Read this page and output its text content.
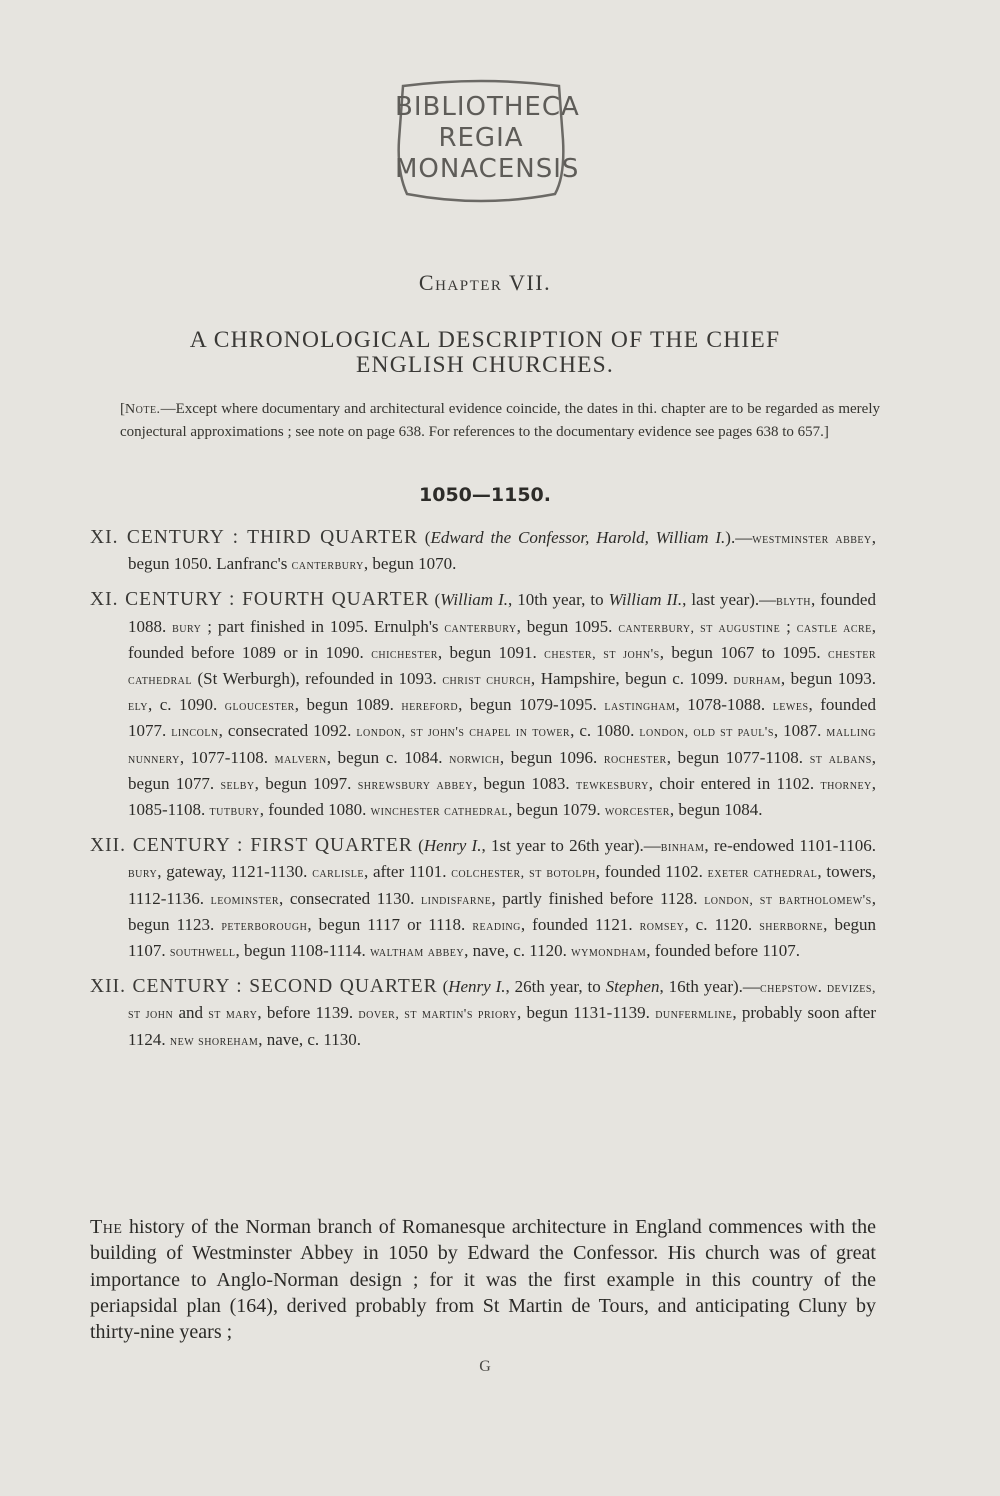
BIBLIOTHECA
REGIA
MONACENSIS
Chapter VII.
A CHRONOLOGICAL DESCRIPTION OF THE CHIEF
ENGLISH CHURCHES.
[Note.—Except where documentary and architectural evidence coincide, the dates in thi. chapter are to be regarded as merely conjectural approximations ; see note on page 638. For references to the documentary evidence see pages 638 to 657.]
1050—1150.
XI. CENTURY : THIRD QUARTER (Edward the Confessor, Harold, William I.).—westminster abbey, begun 1050. Lanfranc's canterbury, begun 1070.
XI. CENTURY : FOURTH QUARTER (William I., 10th year, to William II., last year).—blyth, founded 1088. bury ; part finished in 1095. Ernulph's canterbury, begun 1095. canterbury, st augustine ; castle acre, founded before 1089 or in 1090. chichester, begun 1091. chester, st john's, begun 1067 to 1095. chester cathedral (St Werburgh), refounded in 1093. christ church, Hampshire, begun c. 1099. durham, begun 1093. ely, c. 1090. gloucester, begun 1089. hereford, begun 1079-1095. lastingham, 1078-1088. lewes, founded 1077. lincoln, consecrated 1092. london, st john's chapel in tower, c. 1080. london, old st paul's, 1087. malling nunnery, 1077-1108. malvern, begun c. 1084. norwich, begun 1096. rochester, begun 1077-1108. st albans, begun 1077. selby, begun 1097. shrewsbury abbey, begun 1083. tewkesbury, choir entered in 1102. thorney, 1085-1108. tutbury, founded 1080. winchester cathedral, begun 1079. worcester, begun 1084.
XII. CENTURY : FIRST QUARTER (Henry I., 1st year to 26th year).—binham, re-endowed 1101-1106. bury, gateway, 1121-1130. carlisle, after 1101. colchester, st botolph, founded 1102. exeter cathedral, towers, 1112-1136. leominster, consecrated 1130. lindisfarne, partly finished before 1128. london, st bartholomew's, begun 1123. peterborough, begun 1117 or 1118. reading, founded 1121. romsey, c. 1120. sherborne, begun 1107. southwell, begun 1108-1114. waltham abbey, nave, c. 1120. wymondham, founded before 1107.
XII. CENTURY : SECOND QUARTER (Henry I., 26th year, to Stephen, 16th year).—chepstow. devizes, st john and st mary, before 1139. dover, st martin's priory, begun 1131-1139. dunfermline, probably soon after 1124. new shoreham, nave, c. 1130.
The history of the Norman branch of Romanesque architecture in England commences with the building of Westminster Abbey in 1050 by Edward the Confessor. His church was of great importance to Anglo-Norman design ; for it was the first example in this country of the periapsidal plan (164), derived probably from St Martin de Tours, and anticipating Cluny by thirty-nine years ;
G
